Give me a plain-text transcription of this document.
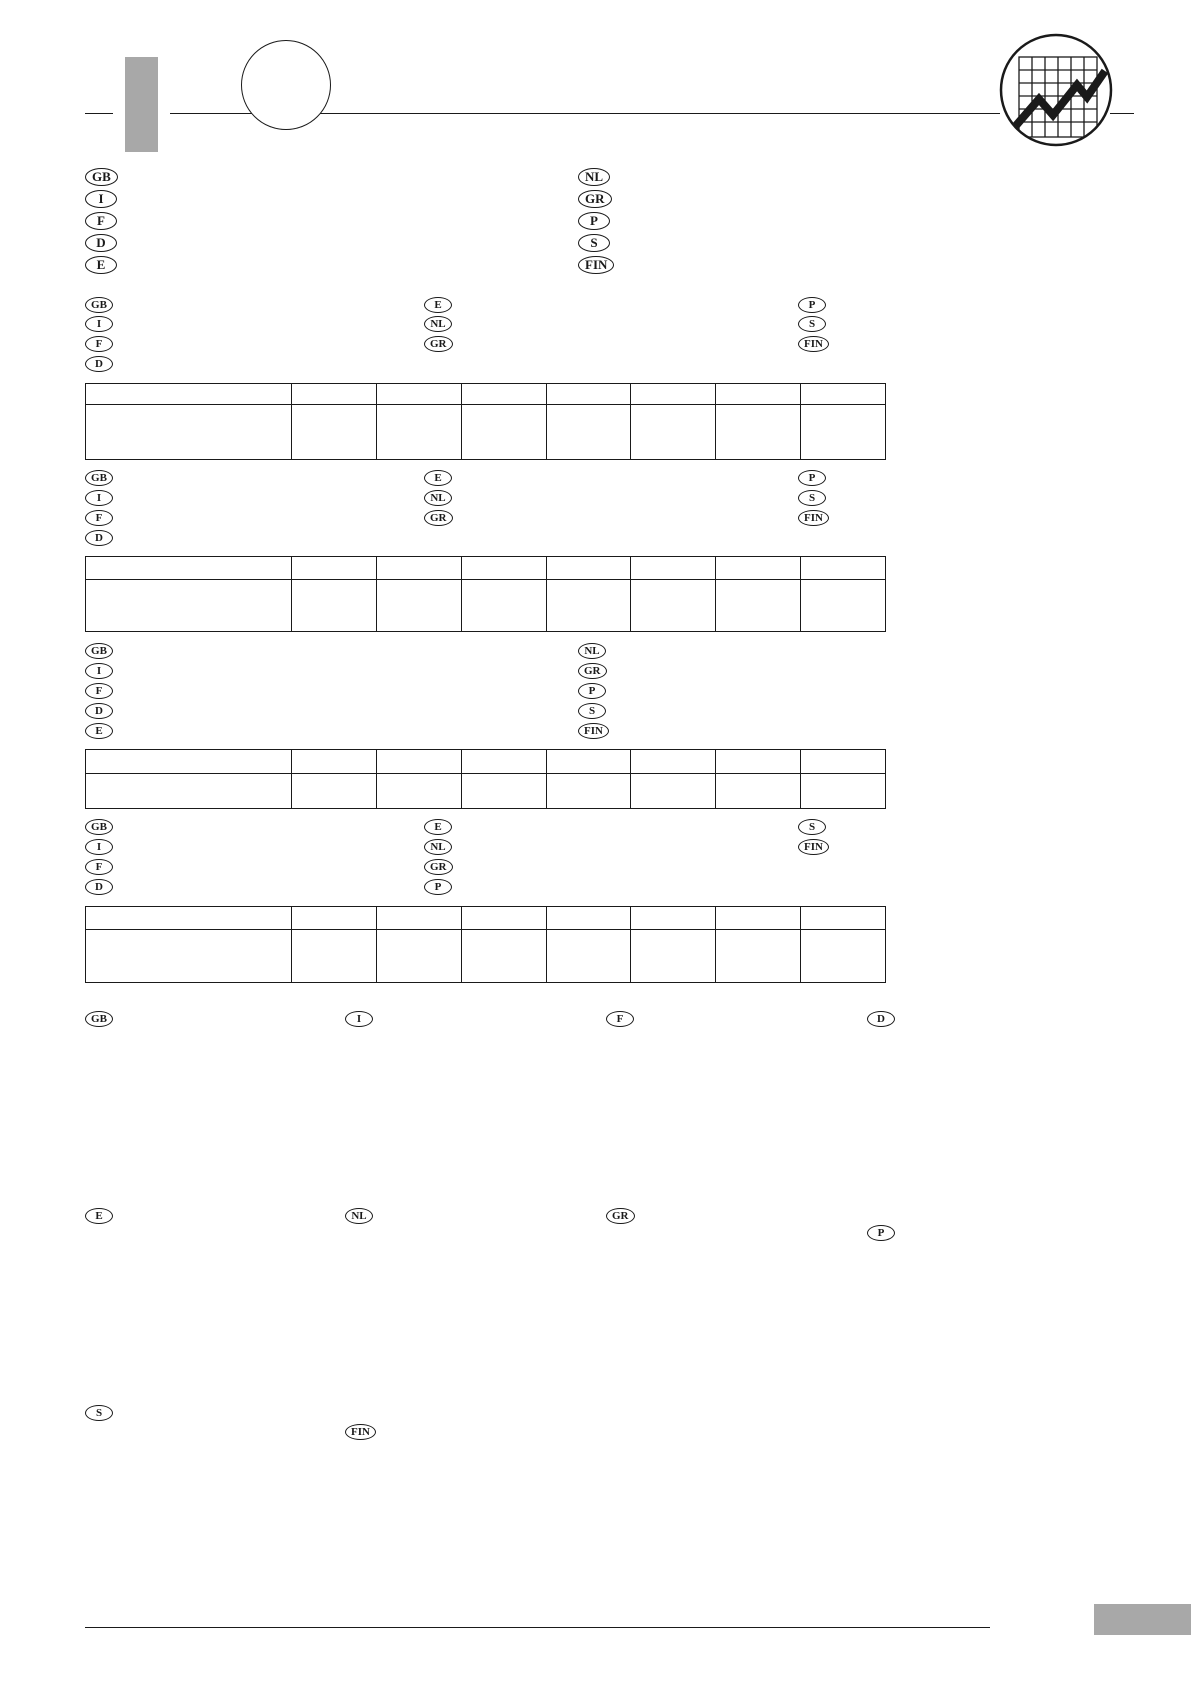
GB
I
F
D
E
NL
GR
P
S
FIN
GB
I
F
D
E
NL
GR
P
S
FIN

GB
I
F
D
E
NL
GR
P
S
FIN

GB
I
F
D
E
NL
GR
P
S
FIN

GB
I
F
D
E
NL
GR
P
S
FIN

GB	I	F	D
E	NL	GR
P
S
FIN
